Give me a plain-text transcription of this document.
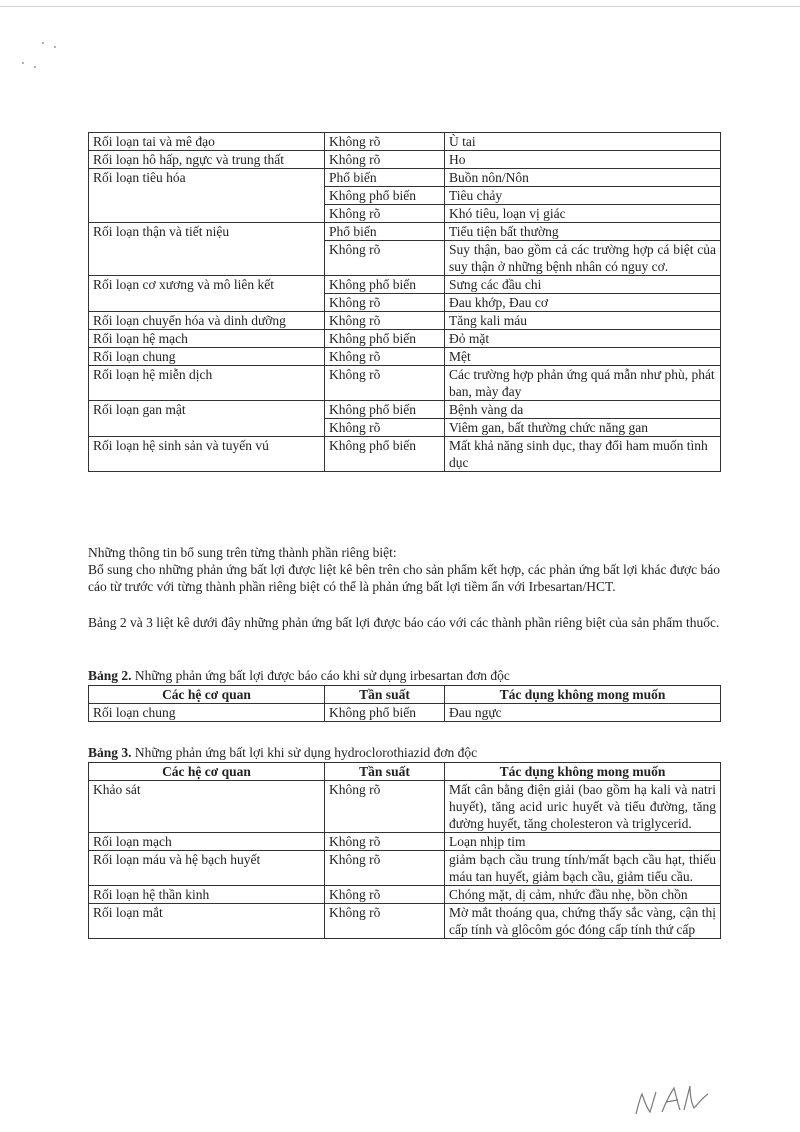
Rối loạn tai và mê đạo	Không rõ	Ù tai
Rối loạn hô hấp, ngực và trung thất	Không rõ	Ho
Rối loạn tiêu hóa	Phổ biến	Buồn nôn/Nôn
	Không phổ biến	Tiêu chảy
	Không rõ	Khó tiêu, loạn vị giác
Rối loạn thận và tiết niệu	Phổ biến	Tiểu tiện bất thường
	Không rõ	Suy thận, bao gồm cả các trường hợp cá biệt của suy thận ở những bệnh nhân có nguy cơ.
Rối loạn cơ xương và mô liên kết	Không phổ biến	Sưng các đầu chi
	Không rõ	Đau khớp, Đau cơ
Rối loạn chuyển hóa và dinh dưỡng	Không rõ	Tăng kali máu
Rối loạn hệ mạch	Không phổ biến	Đỏ mặt
Rối loạn chung	Không rõ	Mệt
Rối loạn hệ miễn dịch	Không rõ	Các trường hợp phản ứng quá mẫn như phù, phát ban, mày đay
Rối loạn gan mật	Không phổ biến	Bệnh vàng da
	Không rõ	Viêm gan, bất thường chức năng gan
Rối loạn hệ sinh sản và tuyến vú	Không phổ biến	Mất khả năng sinh dục, thay đổi ham muốn tình dục
Những thông tin bổ sung trên từng thành phần riêng biệt:
Bổ sung cho những phản ứng bất lợi được liệt kê bên trên cho sản phẩm kết hợp, các phản ứng bất lợi khác được báo cáo từ trước với từng thành phần riêng biệt có thể là phản ứng bất lợi tiềm ẩn với Irbesartan/HCT.
Bảng 2 và 3 liệt kê dưới đây những phản ứng bất lợi được báo cáo với các thành phần riêng biệt của sản phẩm thuốc.
Bảng 2. Những phản ứng bất lợi được báo cáo khi sử dụng irbesartan đơn độc
Các hệ cơ quan	Tần suất	Tác dụng không mong muốn
Rối loạn chung	Không phổ biến	Đau ngực
Bảng 3. Những phản ứng bất lợi khi sử dụng hydroclorothiazid đơn độc
Các hệ cơ quan	Tần suất	Tác dụng không mong muốn
Khảo sát	Không rõ	Mất cân bằng điện giải (bao gồm hạ kali và natri huyết), tăng acid uric huyết và tiểu đường, tăng đường huyết, tăng cholesteron và triglycerid.
Rối loạn mạch	Không rõ	Loạn nhịp tim
Rối loạn máu và hệ bạch huyết	Không rõ	giảm bạch cầu trung tính/mất bạch cầu hạt, thiếu máu tan huyết, giảm bạch cầu, giảm tiểu cầu.
Rối loạn hệ thần kinh	Không rõ	Chóng mặt, dị cảm, nhức đầu nhẹ, bồn chồn
Rối loạn mắt	Không rõ	Mờ mắt thoáng qua, chứng thấy sắc vàng, cận thị cấp tính và glôcôm góc đóng cấp tính thứ cấp
